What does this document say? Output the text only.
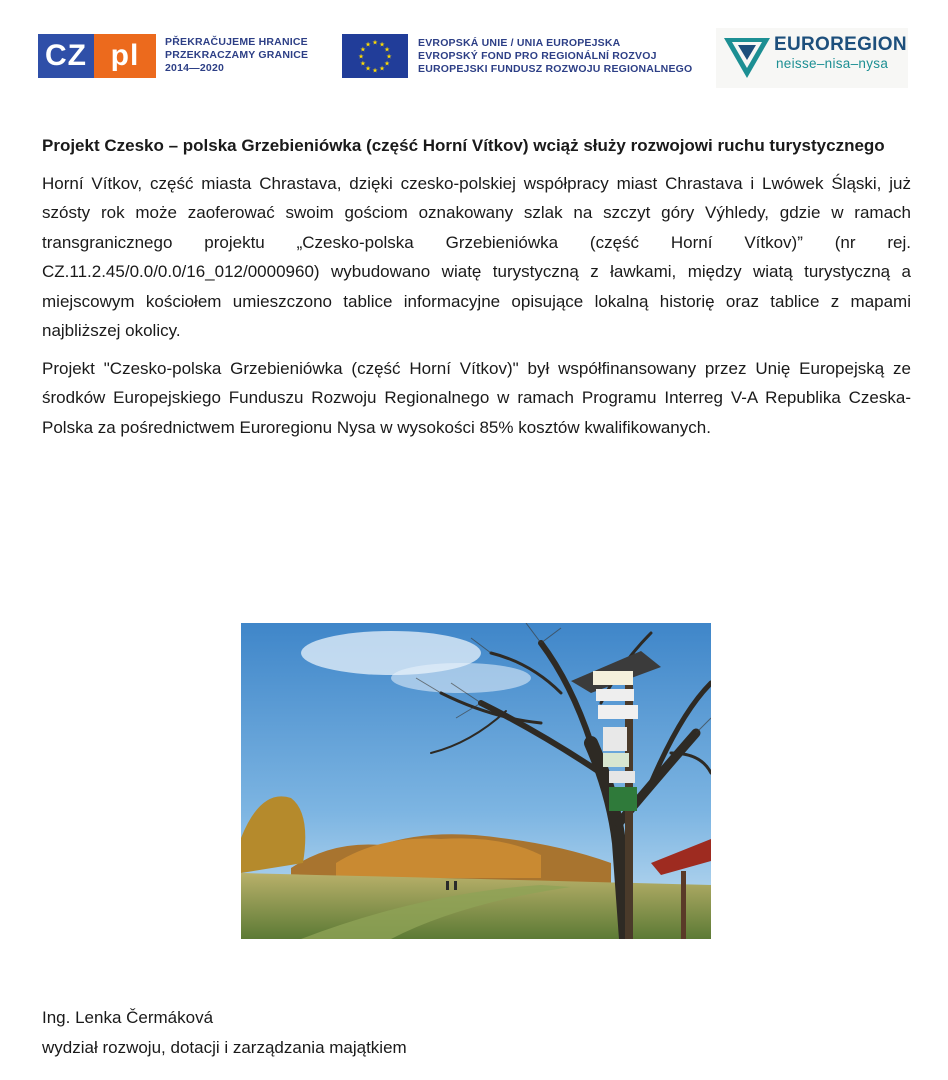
CZ pl	PŘEKRAČUJEME HRANICE
PRZEKRACZAMY GRANICE
2014—2020
★ ★
★
★
★
★
★
★
★
★
★
★	EVROPSKÁ UNIE / UNIA EUROPEJSKA
EVROPSKÝ FOND PRO REGIONÁLNÍ ROZVOJ
EUROPEJSKI FUNDUSZ ROZWOJU REGIONALNEGO
EUROREGION
neisse–nisa–nysa

Projekt Czesko – polska Grzebieniówka (część Horní Vítkov) wciąż służy rozwojowi ruchu turystycznego

Horní Vítkov, część miasta Chrastava, dzięki czesko-polskiej współpracy miast Chrastava i Lwówek Śląski, już szósty rok może zaoferować swoim gościom oznakowany szlak na szczyt góry Výhledy, gdzie w ramach transgranicznego projektu „Czesko-polska Grzebieniówka (część Horní Vítkov)” (nr rej. CZ.11.2.45/0.0/0.0/16_012/0000960) wybudowano wiatę turystyczną z ławkami, między wiatą turystyczną a miejscowym kościołem umieszczono tablice informacyjne opisujące lokalną historię oraz tablice z mapami najbliższej okolicy.

Projekt "Czesko-polska Grzebieniówka (część Horní Vítkov)" był współfinansowany przez Unię Europejską ze środków Europejskiego Funduszu Rozwoju Regionalnego w ramach Programu Interreg V-A Republika Czeska-Polska za pośrednictwem Euroregionu Nysa w wysokości 85% kosztów kwalifikowanych.

Ing. Lenka Čermáková
wydział rozwoju, dotacji i zarządzania majątkiem
